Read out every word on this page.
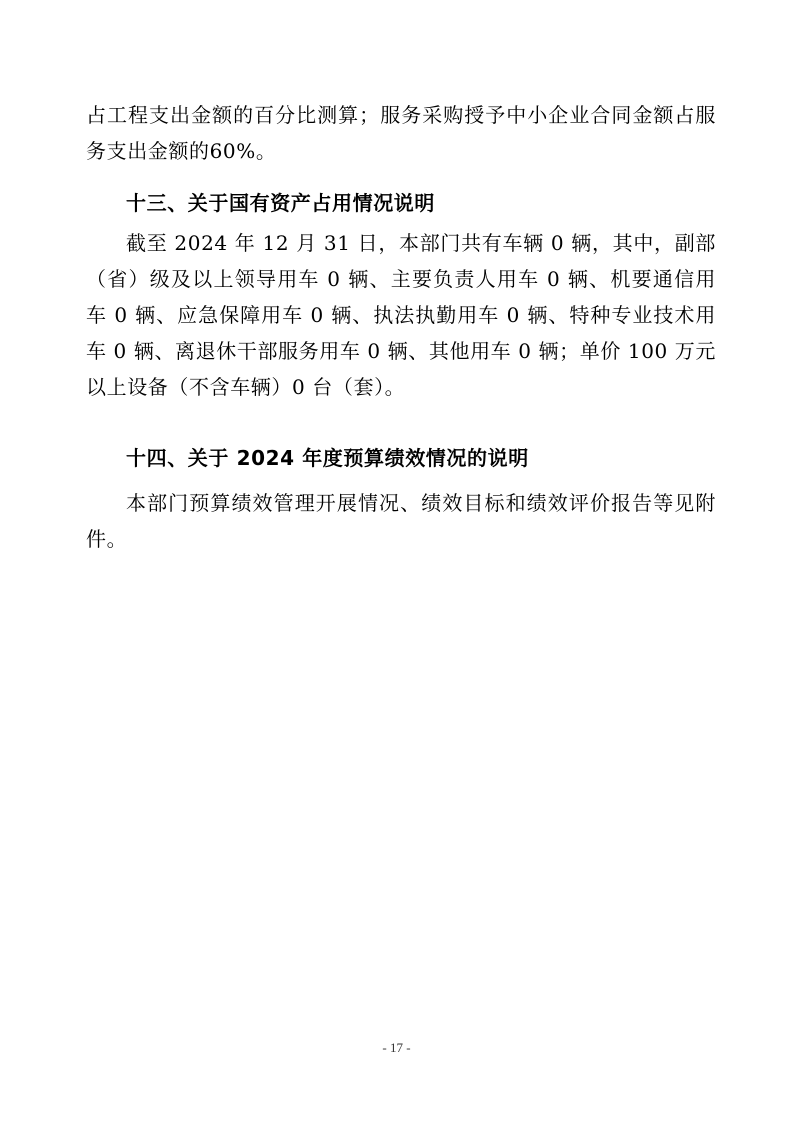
占工程支出金额的百分比测算；服务采购授予中小企业合同金额占服务支出金额的60%。

十三、关于国有资产占用情况说明

截至 2024 年 12 月 31 日，本部门共有车辆 0 辆，其中，副部（省）级及以上领导用车 0 辆、主要负责人用车 0 辆、机要通信用车 0 辆、应急保障用车 0 辆、执法执勤用车 0 辆、特种专业技术用车 0 辆、离退休干部服务用车 0 辆、其他用车 0 辆；单价 100 万元以上设备（不含车辆）0 台（套）。

十四、关于 2024 年度预算绩效情况的说明

本部门预算绩效管理开展情况、绩效目标和绩效评价报告等见附件。

- 17 -
